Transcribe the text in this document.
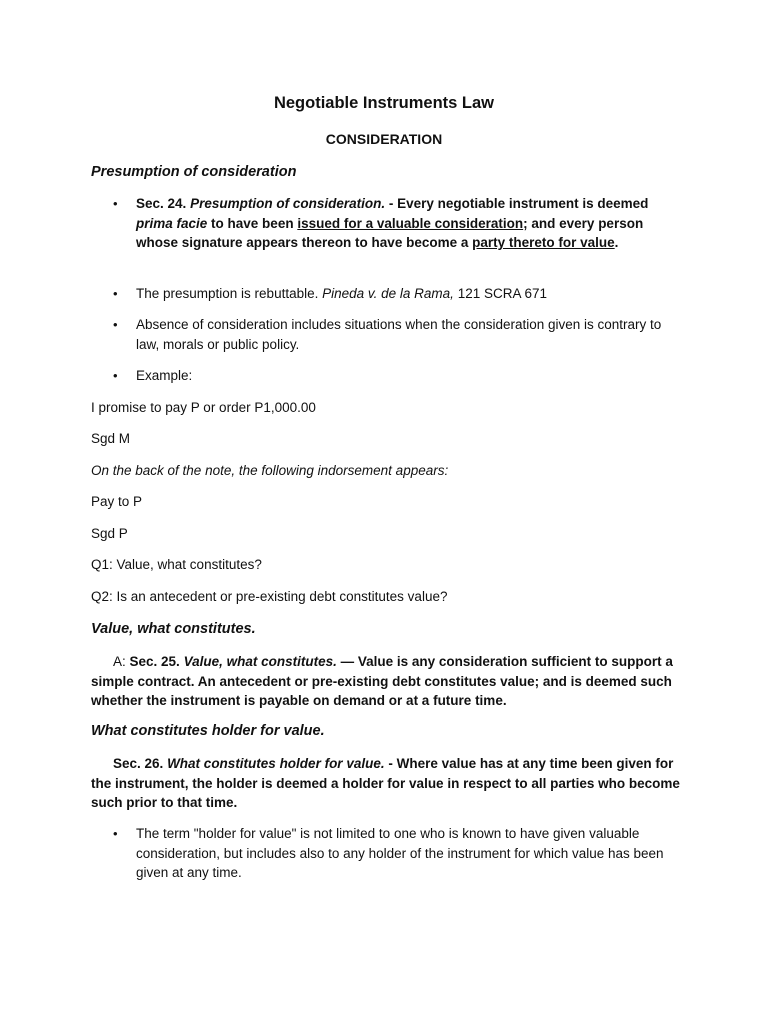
Negotiable Instruments Law
CONSIDERATION
Presumption of consideration
• Sec. 24. Presumption of consideration. - Every negotiable instrument is deemed prima facie to have been issued for a valuable consideration; and every person whose signature appears thereon to have become a party thereto for value.
• The presumption is rebuttable. Pineda v. de la Rama, 121 SCRA 671
• Absence of consideration includes situations when the consideration given is contrary to law, morals or public policy.
• Example:
I promise to pay P or order P1,000.00
Sgd M
On the back of the note, the following indorsement appears:
Pay to P
Sgd P
Q1: Value, what constitutes?
Q2: Is an antecedent or pre-existing debt constitutes value?
Value, what constitutes.
A: Sec. 25. Value, what constitutes. — Value is any consideration sufficient to support a simple contract. An antecedent or pre-existing debt constitutes value; and is deemed such whether the instrument is payable on demand or at a future time.
What constitutes holder for value.
Sec. 26. What constitutes holder for value. - Where value has at any time been given for the instrument, the holder is deemed a holder for value in respect to all parties who become such prior to that time.
• The term "holder for value" is not limited to one who is known to have given valuable consideration, but includes also to any holder of the instrument for which value has been given at any time.
